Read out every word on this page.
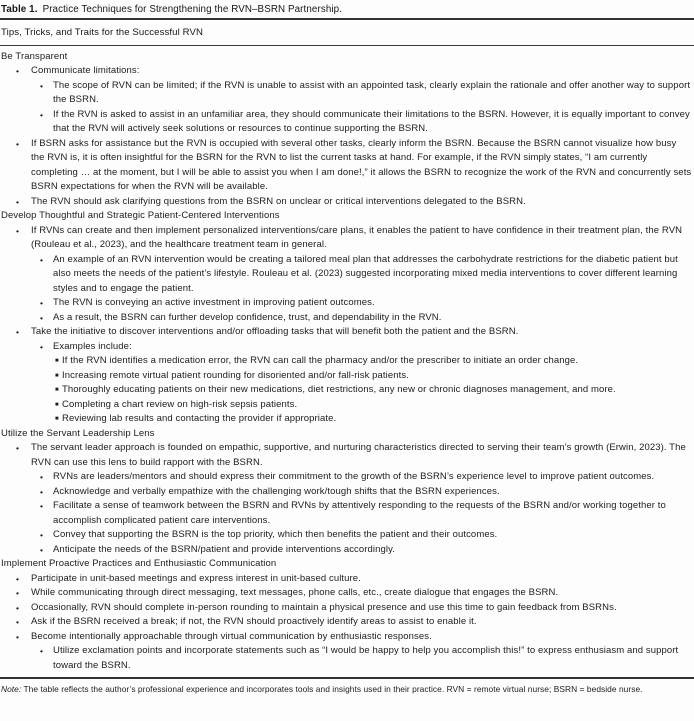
Table 1. Practice Techniques for Strengthening the RVN–BSRN Partnership.
Tips, Tricks, and Traits for the Successful RVN
Be Transparent
• Communicate limitations:
• The scope of RVN can be limited; if the RVN is unable to assist with an appointed task, clearly explain the rationale and offer another way to support the BSRN.
• If the RVN is asked to assist in an unfamiliar area, they should communicate their limitations to the BSRN. However, it is equally important to convey that the RVN will actively seek solutions or resources to continue supporting the BSRN.
• If BSRN asks for assistance but the RVN is occupied with several other tasks, clearly inform the BSRN. Because the BSRN cannot visualize how busy the RVN is, it is often insightful for the BSRN for the RVN to list the current tasks at hand. For example, if the RVN simply states, “I am currently completing … at the moment, but I will be able to assist you when I am done!,” it allows the BSRN to recognize the work of the RVN and concurrently sets BSRN expectations for when the RVN will be available.
• The RVN should ask clarifying questions from the BSRN on unclear or critical interventions delegated to the BSRN.
Develop Thoughtful and Strategic Patient-Centered Interventions
• If RVNs can create and then implement personalized interventions/care plans, it enables the patient to have confidence in their treatment plan, the RVN (Rouleau et al., 2023), and the healthcare treatment team in general.
• An example of an RVN intervention would be creating a tailored meal plan that addresses the carbohydrate restrictions for the diabetic patient but also meets the needs of the patient’s lifestyle. Rouleau et al. (2023) suggested incorporating mixed media interventions to cover different learning styles and to engage the patient.
• The RVN is conveying an active investment in improving patient outcomes.
• As a result, the BSRN can further develop confidence, trust, and dependability in the RVN.
• Take the initiative to discover interventions and/or offloading tasks that will benefit both the patient and the BSRN.
• Examples include:
■ If the RVN identifies a medication error, the RVN can call the pharmacy and/or the prescriber to initiate an order change.
■ Increasing remote virtual patient rounding for disoriented and/or fall-risk patients.
■ Thoroughly educating patients on their new medications, diet restrictions, any new or chronic diagnoses management, and more.
■ Completing a chart review on high-risk sepsis patients.
■ Reviewing lab results and contacting the provider if appropriate.
Utilize the Servant Leadership Lens
• The servant leader approach is founded on empathic, supportive, and nurturing characteristics directed to serving their team’s growth (Erwin, 2023). The RVN can use this lens to build rapport with the BSRN.
• RVNs are leaders/mentors and should express their commitment to the growth of the BSRN’s experience level to improve patient outcomes.
• Acknowledge and verbally empathize with the challenging work/tough shifts that the BSRN experiences.
• Facilitate a sense of teamwork between the BSRN and RVNs by attentively responding to the requests of the BSRN and/or working together to accomplish complicated patient care interventions.
• Convey that supporting the BSRN is the top priority, which then benefits the patient and their outcomes.
• Anticipate the needs of the BSRN/patient and provide interventions accordingly.
Implement Proactive Practices and Enthusiastic Communication
• Participate in unit-based meetings and express interest in unit-based culture.
• While communicating through direct messaging, text messages, phone calls, etc., create dialogue that engages the BSRN.
• Occasionally, RVN should complete in-person rounding to maintain a physical presence and use this time to gain feedback from BSRNs.
• Ask if the BSRN received a break; if not, the RVN should proactively identify areas to assist to enable it.
• Become intentionally approachable through virtual communication by enthusiastic responses.
• Utilize exclamation points and incorporate statements such as “I would be happy to help you accomplish this!” to express enthusiasm and support toward the BSRN.
Note: The table reflects the author’s professional experience and incorporates tools and insights used in their practice. RVN = remote virtual nurse; BSRN = bedside nurse.
